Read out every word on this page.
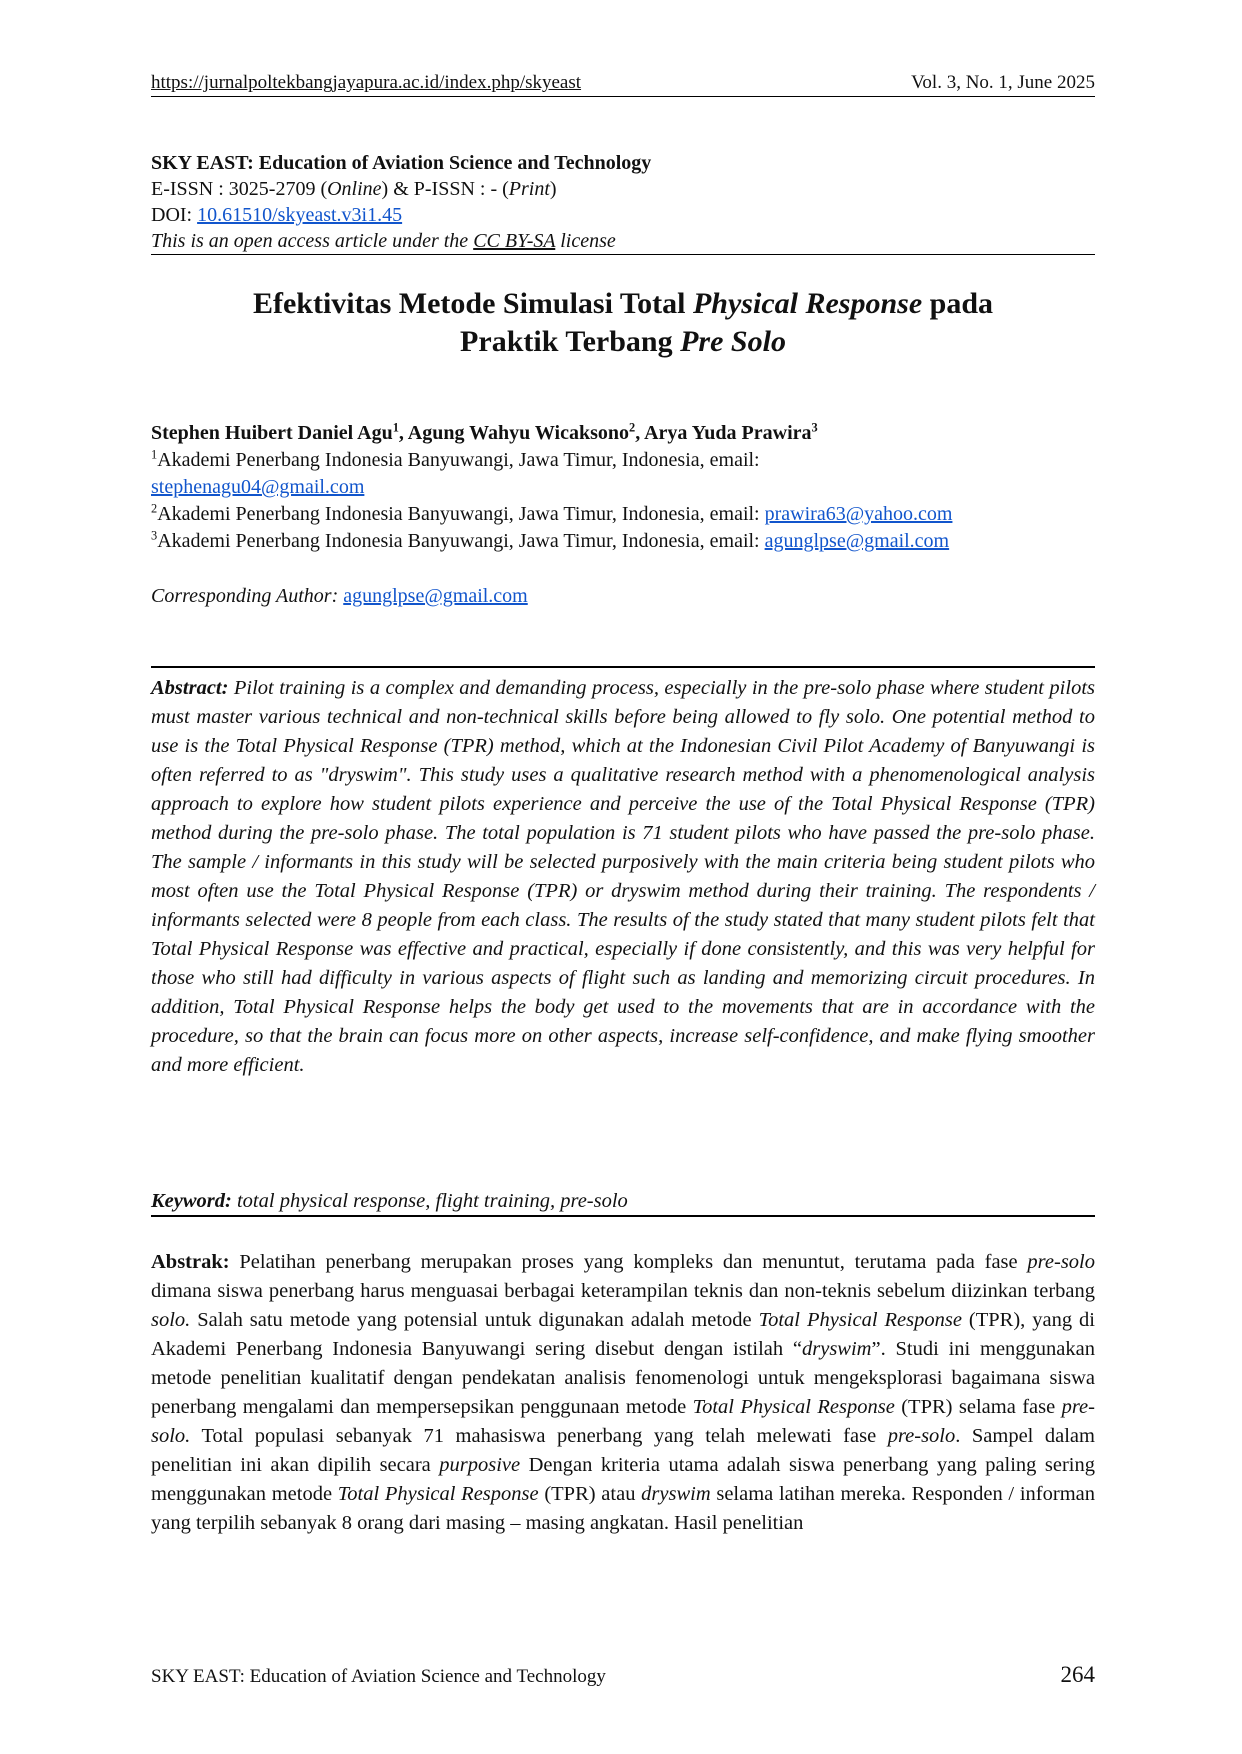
https://jurnalpoltekbangjayapura.ac.id/index.php/skyeast	Vol. 3, No. 1, June 2025
SKY EAST: Education of Aviation Science and Technology
E-ISSN : 3025-2709 (Online) & P-ISSN : - (Print)
DOI: 10.61510/skyeast.v3i1.45
This is an open access article under the CC BY-SA license
Efektivitas Metode Simulasi Total Physical Response pada
Praktik Terbang Pre Solo
Stephen Huibert Daniel Agu$^1$, Agung Wahyu Wicaksono$^2$, Arya Yuda Prawira$^3$
$^1$Akademi Penerbang Indonesia Banyuwangi, Jawa Timur, Indonesia, email:
stephenagu04@gmail.com
$^2$Akademi Penerbang Indonesia Banyuwangi, Jawa Timur, Indonesia, email: prawira63@yahoo.com
$^3$Akademi Penerbang Indonesia Banyuwangi, Jawa Timur, Indonesia, email: agunglpse@gmail.com
Corresponding Author: agunglpse@gmail.com
Abstract: Pilot training is a complex and demanding process, especially in the pre-solo phase where student pilots must master various technical and non-technical skills before being allowed to fly solo. One potential method to use is the Total Physical Response (TPR) method, which at the Indonesian Civil Pilot Academy of Banyuwangi is often referred to as "dryswim". This study uses a qualitative research method with a phenomenological analysis approach to explore how student pilots experience and perceive the use of the Total Physical Response (TPR) method during the pre-solo phase. The total population is 71 student pilots who have passed the pre-solo phase. The sample / informants in this study will be selected purposively with the main criteria being student pilots who most often use the Total Physical Response (TPR) or dryswim method during their training. The respondents / informants selected were 8 people from each class. The results of the study stated that many student pilots felt that Total Physical Response was effective and practical, especially if done consistently, and this was very helpful for those who still had difficulty in various aspects of flight such as landing and memorizing circuit procedures. In addition, Total Physical Response helps the body get used to the movements that are in accordance with the procedure, so that the brain can focus more on other aspects, increase self-confidence, and make flying smoother and more efficient.
Keyword: total physical response, flight training, pre-solo
Abstrak: Pelatihan penerbang merupakan proses yang kompleks dan menuntut, terutama pada fase pre-solo dimana siswa penerbang harus menguasai berbagai keterampilan teknis dan non-teknis sebelum diizinkan terbang solo. Salah satu metode yang potensial untuk digunakan adalah metode Total Physical Response (TPR), yang di Akademi Penerbang Indonesia Banyuwangi sering disebut dengan istilah “dryswim”. Studi ini menggunakan metode penelitian kualitatif dengan pendekatan analisis fenomenologi untuk mengeksplorasi bagaimana siswa penerbang mengalami dan mempersepsikan penggunaan metode Total Physical Response (TPR) selama fase pre-solo. Total populasi sebanyak 71 mahasiswa penerbang yang telah melewati fase pre-solo. Sampel dalam penelitian ini akan dipilih secara purposive Dengan kriteria utama adalah siswa penerbang yang paling sering menggunakan metode Total Physical Response (TPR) atau dryswim selama latihan mereka. Responden / informan yang terpilih sebanyak 8 orang dari masing – masing angkatan. Hasil penelitian
SKY EAST: Education of Aviation Science and Technology	264
